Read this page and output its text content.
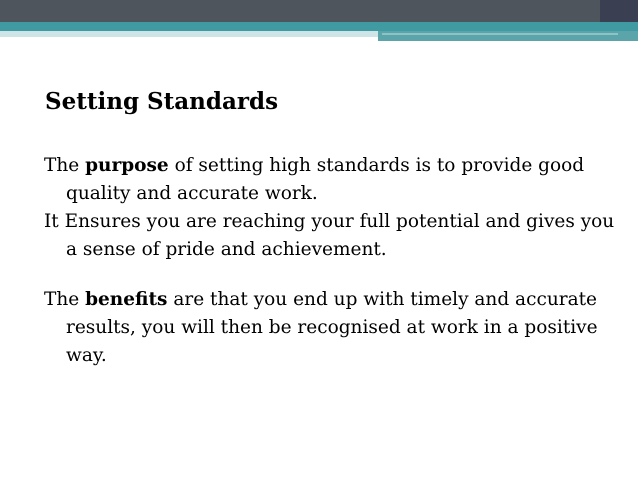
Setting Standards

The purpose of setting high standards is to provide good quality and accurate work.

It Ensures you are reaching your full potential and gives you a sense of pride and achievement.

The benefits are that you end up with timely and accurate results, you will then be recognised at work in a positive way.
